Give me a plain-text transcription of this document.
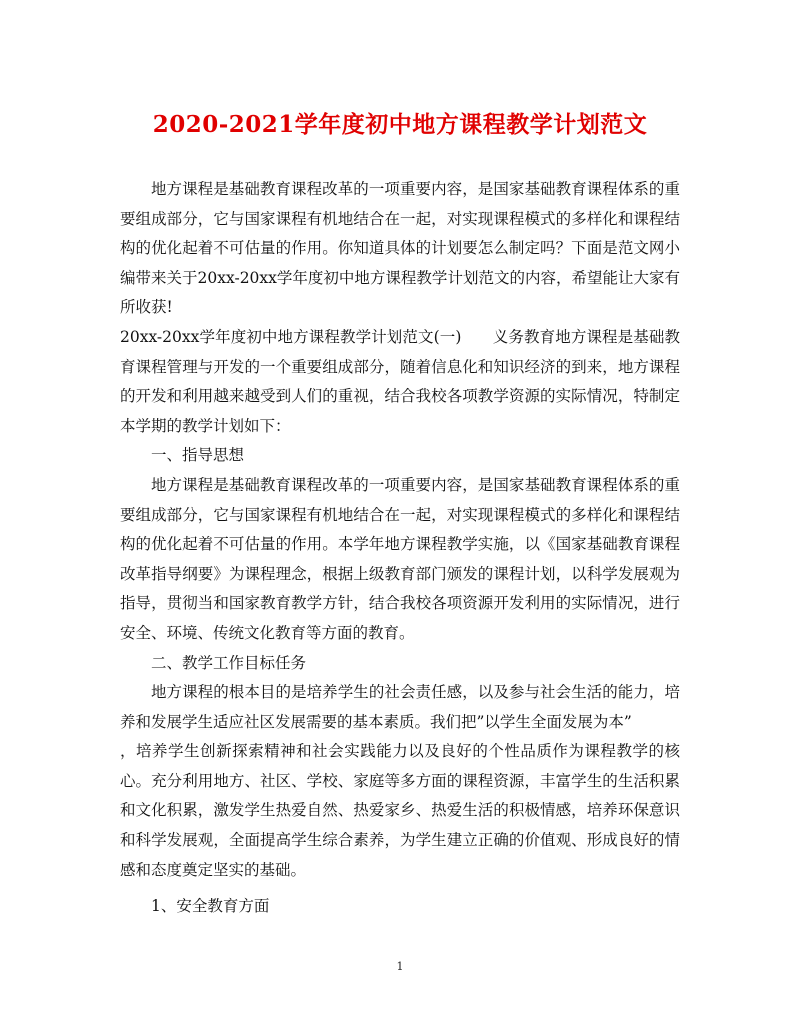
2020-2021学年度初中地方课程教学计划范文

地方课程是基础教育课程改革的一项重要内容，是国家基础教育课程体系的重要组成部分，它与国家课程有机地结合在一起，对实现课程模式的多样化和课程结构的优化起着不可估量的作用。你知道具体的计划要怎么制定吗？下面是范文网小编带来关于20xx-20xx学年度初中地方课程教学计划范文的内容，希望能让大家有所收获!

20xx-20xx学年度初中地方课程教学计划范文(一)　　义务教育地方课程是基础教育课程管理与开发的一个重要组成部分，随着信息化和知识经济的到来，地方课程的开发和利用越来越受到人们的重视，结合我校各项教学资源的实际情况，特制定本学期的教学计划如下：

一、指导思想

地方课程是基础教育课程改革的一项重要内容，是国家基础教育课程体系的重要组成部分，它与国家课程有机地结合在一起，对实现课程模式的多样化和课程结构的优化起着不可估量的作用。本学年地方课程教学实施，以《国家基础教育课程改革指导纲要》为课程理念，根据上级教育部门颁发的课程计划，以科学发展观为指导，贯彻当和国家教育教学方针，结合我校各项资源开发利用的实际情况，进行安全、环境、传统文化教育等方面的教育。

二、教学工作目标任务

地方课程的根本目的是培养学生的社会责任感，以及参与社会生活的能力，培养和发展学生适应社区发展需要的基本素质。我们把”以学生全面发展为本”

，培养学生创新探索精神和社会实践能力以及良好的个性品质作为课程教学的核心。充分利用地方、社区、学校、家庭等多方面的课程资源，丰富学生的生活积累和文化积累，激发学生热爱自然、热爱家乡、热爱生活的积极情感，培养环保意识和科学发展观，全面提高学生综合素养，为学生建立正确的价值观、形成良好的情感和态度奠定坚实的基础。

1、安全教育方面

1
